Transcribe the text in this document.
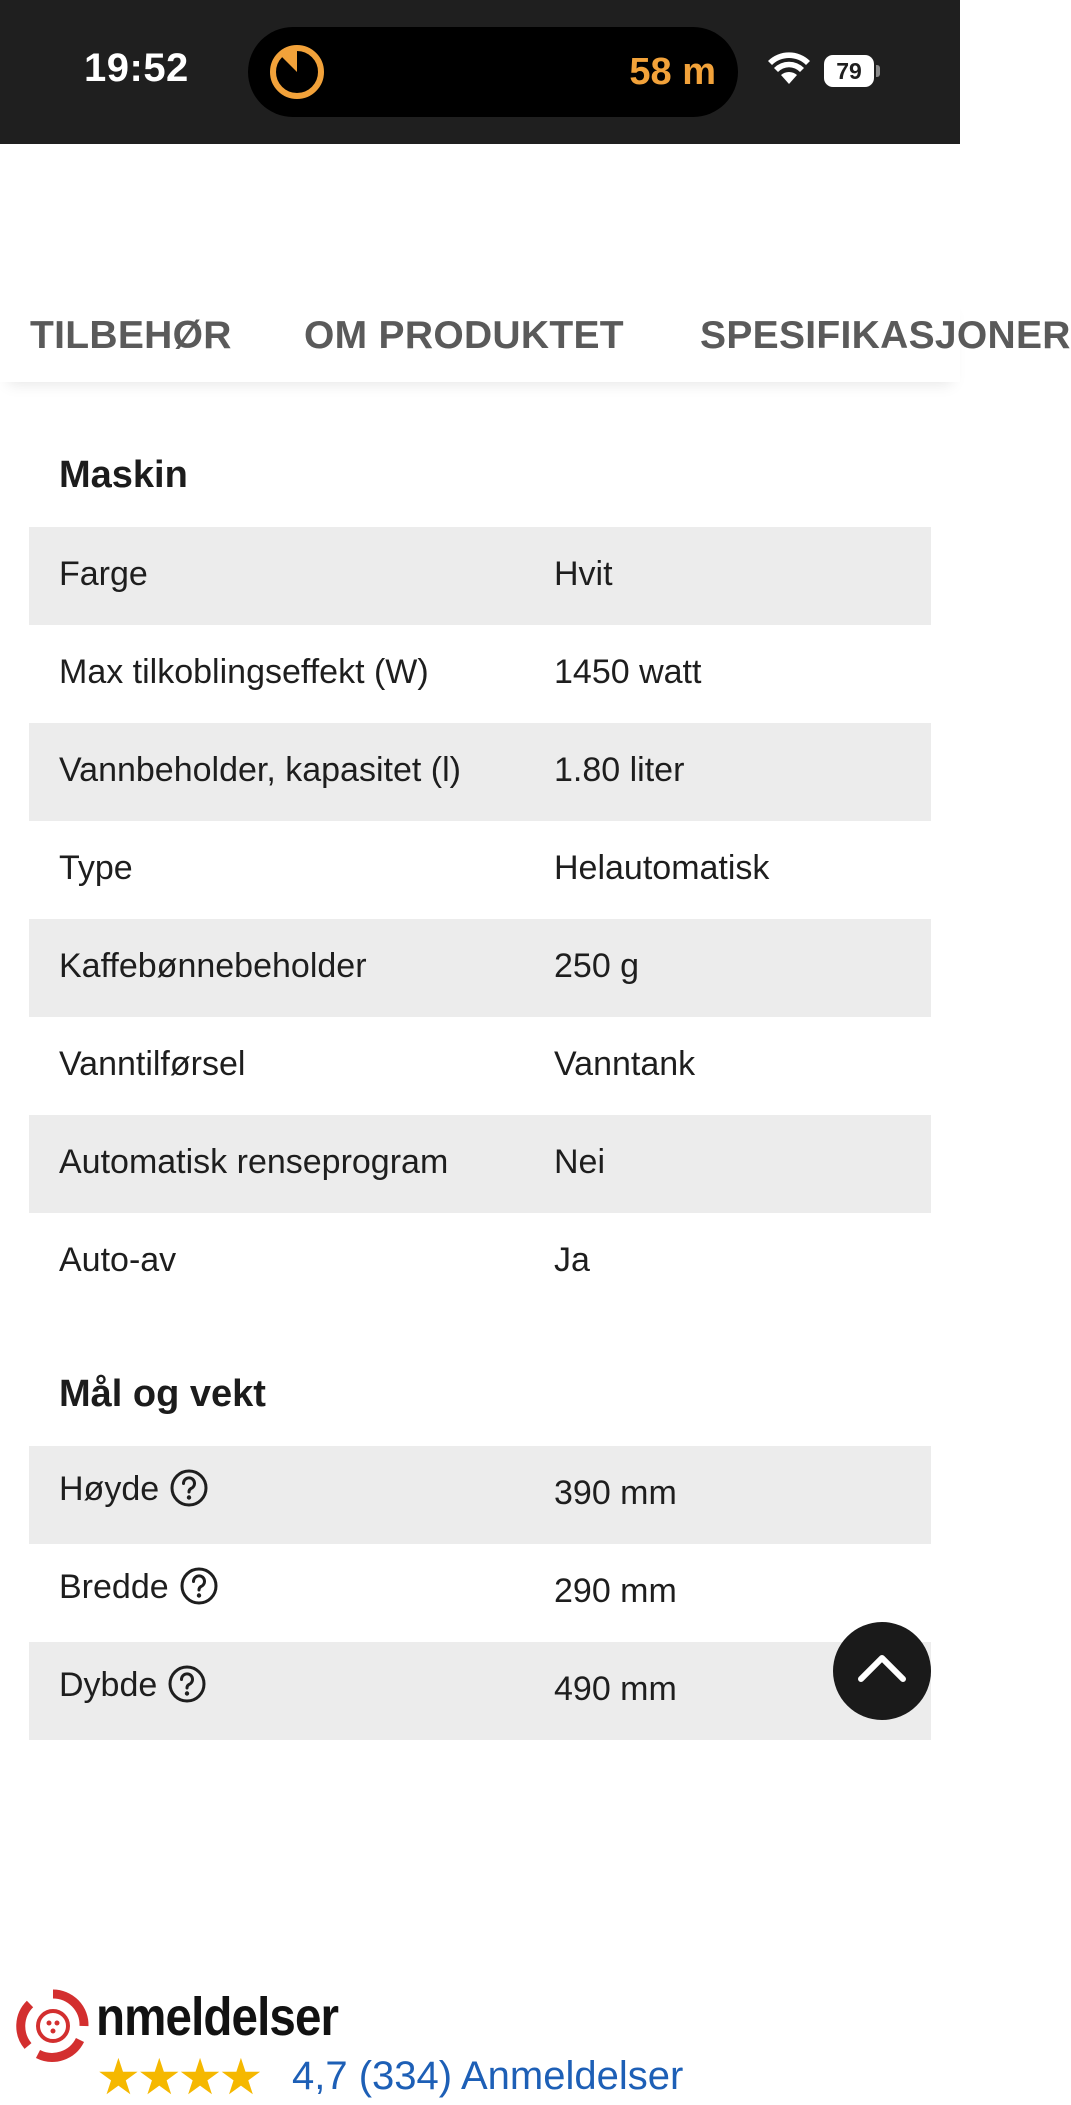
19:52	58 m	79
TILBEHØR OM PRODUKTET SPESIFIKASJONER
Maskin
Farge	Hvit
Max tilkoblingseffekt (W)	1450 watt
Vannbeholder, kapasitet (l)	1.80 liter
Type	Helautomatisk
Kaffebønnebeholder	250 g
Vanntilførsel	Vanntank
Automatisk renseprogram	Nei
Auto-av	Ja
Mål og vekt
Høyde	390 mm
Bredde	290 mm
Dybde	490 mm
nmeldelser
★★★★ 4,7 (334) Anmeldelser
